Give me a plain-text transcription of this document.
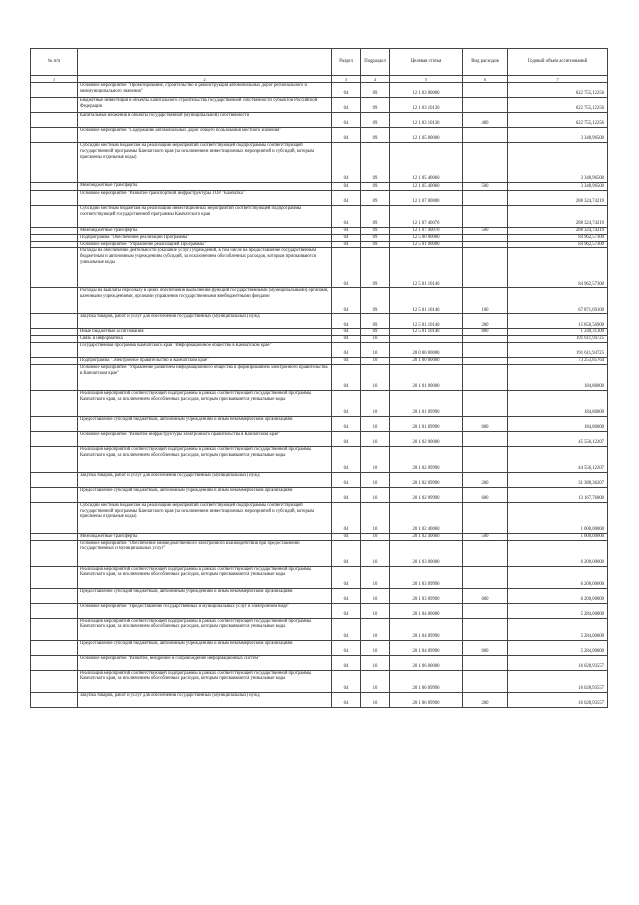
№ п/п		Раздел	Подраздел	Целевая статья	Вид расходов	Годовой объем ассигнований
1	2	3	4	5	6	7
	Основное мероприятие "Проектирование, строительство и реконструкция автомобильных дорог регионального и межмуниципального значения"	04	09	12 1 03 00000		622 755,12256
	Бюджетные инвестиции в объекты капитального строительства государственной собственности субъектов Российской Федерации	04	09	12 1 03 10130		622 755,12256
	Капитальные вложения в объекты государственной (муниципальной) собственности	04	09	12 1 03 10130	400	622 755,12256
	Основное мероприятие "Содержание автомобильных дорог общего пользования местного значения"	04	09	12 1 05 00000		3 348,96500
	Субсидии местным бюджетам на реализацию мероприятий соответствующей подпрограммы соответствующей государственной программы Камчатского края (за исключением инвестиционных мероприятий и субсидий, которым присвоены отдельные коды)	04	09	12 1 05 40060		3 348,96500
	Межбюджетные трансферты	04	09	12 1 05 40060	500	3 348,96500
	Основное мероприятие "Развитие транспортной инфраструктуры ТОР "Камчатка"	04	09	12 1 07 00000		288 324,74219
	Субсидии местным бюджетам на реализацию инвестиционных мероприятий соответствующей подпрограммы соответствующей государственной программы Камчатского края	04	09	12 1 07 40070		288 324,74219
	Межбюджетные трансферты	04	09	12 1 07 40070	500	288 324,74219
	Подпрограмма "Обеспечение реализации Программы"	04	09	12 5 00 00000		84 962,57300
	Основное мероприятие "Управление реализацией Программы"	04	09	12 5 01 00000		84 962,57300
	Расходы на обеспечение деятельности (оказание услуг) учреждений, в том числе на предоставление государственным бюджетным и автономным учреждениям субсидий, за исключением обособленных расходов, которым присваиваются уникальные коды	04	09	12 5 01 10140		84 962,57300
	Расходы на выплаты персоналу в целях обеспечения выполнения функций государственными (муниципальными) органами, казенными учреждениями, органами управления государственными внебюджетными фондами	04	09	12 5 01 10140	100	67 871,69100
	Закупка товаров, работ и услуг для обеспечения государственных (муниципальных) нужд	04	09	12 5 01 10140	200	15 850,56900
	Иные бюджетные ассигнования	04	09	12 5 01 10140	800	1 240,31300
	Связь и информатика	04	10			191 611,94725
	Государственная программа Камчатского края "Информационное общество в Камчатском крае"	04	10	20 0 00 00000		191 611,94725
	Подпрограмма "Электронное правительство в Камчатском крае"	04	10	20 1 00 00000		73 253,85764
	Основное мероприятие "Управление развитием информационного общества и формированием электронного правительства в Камчатском крае"	04	10	20 1 01 00000		184,80000
	Реализация мероприятий соответствующей подпрограммы в рамках соответствующей государственной программы Камчатского края, за исключением обособленных расходов, которым присваиваются уникальные коды	04	10	20 1 01 09990		184,80000
	Предоставление субсидий бюджетным, автономным учреждениям и иным некоммерческим организациям	04	10	20 1 01 09990	600	184,80000
	Основное мероприятие "Развитие инфраструктуры электронного правительства в Камчатском крае"	04	10	20 1 02 00000		45 556,12207
	Реализация мероприятий соответствующей подпрограммы в рамках соответствующей государственной программы Камчатского края, за исключением обособленных расходов, которым присваиваются уникальные коды	04	10	20 1 02 09990		44 556,12207
	Закупка товаров, работ и услуг для обеспечения государственных (муниципальных) нужд	04	10	20 1 02 09990	200	31 388,36207
	Предоставление субсидий бюджетным, автономным учреждениям и иным некоммерческим организациям	04	10	20 1 02 09990	600	13 167,76000
	Субсидии местным бюджетам на реализацию мероприятий соответствующей подпрограммы соответствующей государственной программы Камчатского края (за исключением инвестиционных мероприятий и субсидий, которым присвоены отдельные коды)	04	10	20 1 02 40060		1 000,00000
	Межбюджетные трансферты	04	10	20 1 02 40060	500	1 000,00000
	Основное мероприятие "Обеспечение межведомственного электронного взаимодействия при предоставлении государственных и муниципальных услуг"	04	10	20 1 03 00000		6 200,00000
	Реализация мероприятий соответствующей подпрограммы в рамках соответствующей государственной программы Камчатского края, за исключением обособленных расходов, которым присваиваются уникальные коды	04	10	20 1 03 09990		6 200,00000
	Предоставление субсидий бюджетным, автономным учреждениям и иным некоммерческим организациям	04	10	20 1 03 09990	600	6 200,00000
	Основное мероприятие "Предоставление государственных и муниципальных услуг в электронном виде"	04	10	20 1 04 00000		5 284,00000
	Реализация мероприятий соответствующей подпрограммы в рамках соответствующей государственной программы Камчатского края, за исключением обособленных расходов, которым присваиваются уникальные коды	04	10	20 1 04 09990		5 284,00000
	Предоставление субсидий бюджетным, автономным учреждениям и иным некоммерческим организациям	04	10	20 1 04 09990	600	5 284,00000
	Основное мероприятие "Развитие, внедрение и сопровождение информационных систем"	04	10	20 1 06 00000		16 028,93557
	Реализация мероприятий соответствующей подпрограммы в рамках соответствующей государственной программы Камчатского края, за исключением обособленных расходов, которым присваиваются уникальные коды	04	10	20 1 06 09990		16 028,93557
	Закупка товаров, работ и услуг для обеспечения государственных (муниципальных) нужд	04	10	20 1 06 09990	200	16 028,93557
